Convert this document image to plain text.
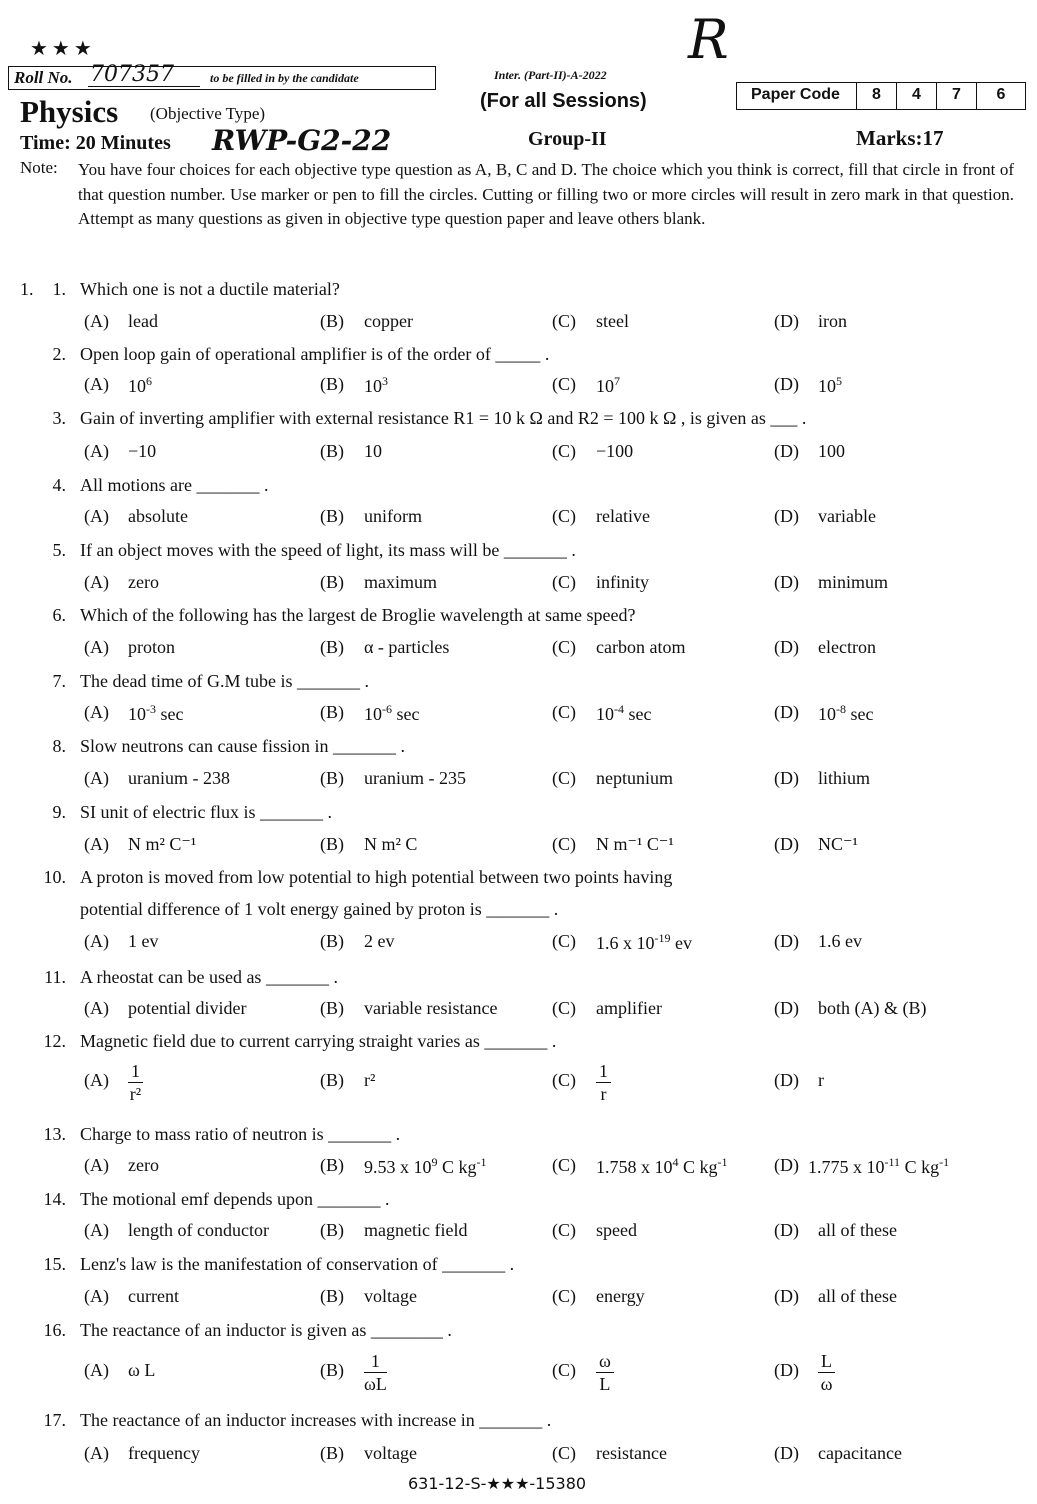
★★★	R
Roll No. 707357	to be filled in by the candidate	Inter. (Part-II)-A-2022
(For all Sessions)	Paper Code	8	4	7	6
Physics (Objective Type)
Time: 20 Minutes RWP-G2-22	Group-II	Marks:17
Note: You have four choices for each objective type question as A, B, C and D. The choice which you think is correct, fill that circle in front of that question number. Use marker or pen to fill the circles. Cutting or filling two or more circles will result in zero mark in that question. Attempt as many questions as given in objective type question paper and leave others blank.
1.	1. Which one is not a ductile material?
(A) lead	(B) copper	(C) steel	(D) iron
2. Open loop gain of operational amplifier is of the order of _____ .
(A) $10^6$	(B) $10^3$	(C) $10^7$	(D) $10^5$
3. Gain of inverting amplifier with external resistance R1 = 10 k Ω and R2 = 100 k Ω , is given as ___ .
(A) −10	(B) 10	(C) −100	(D) 100
4. All motions are _______ .
(A) absolute	(B) uniform	(C) relative	(D) variable
5. If an object moves with the speed of light, its mass will be _______ .
(A) zero	(B) maximum	(C) infinity	(D) minimum
6. Which of the following has the largest de Broglie wavelength at same speed?
(A) proton	(B) α - particles	(C) carbon atom	(D) electron
7. The dead time of G.M tube is _______ .
(A) $10^{-3}$ sec	(B) $10^{-6}$ sec	(C) $10^{-4}$ sec	(D) $10^{-8}$ sec
8. Slow neutrons can cause fission in _______ .
(A) uranium - 238	(B) uranium - 235	(C) neptunium	(D) lithium
9. SI unit of electric flux is _______ .
(A) N m² C⁻¹	(B) N m² C	(C) N m⁻¹ C⁻¹	(D) NC⁻¹
10. A proton is moved from low potential to high potential between two points having
potential difference of 1 volt energy gained by proton is _______ .
(A) 1 ev	(B) 2 ev	(C) 1.6 x $10^{-19}$ ev	(D) 1.6 ev
11. A rheostat can be used as _______ .
(A) potential divider	(B) variable resistance	(C) amplifier	(D) both (A) & (B)
12. Magnetic field due to current carrying straight varies as _______ .
$(A) \frac{1}{\text{r²}}$	(B) r²	$(C) \frac{1}{r}$	(D) r
13. Charge to mass ratio of neutron is _______ .
(A) zero	(B) 9.53 x $10^9$ C $kg^{-1}$	(C) 1.758 x $10^4$ C $kg^{-1}$	(D) 1.775 x $10^{-11}$ C $kg^{-1}$
14. The motional emf depends upon _______ .
(A) length of conductor	(B) magnetic field	(C) speed	(D) all of these
15. Lenz's law is the manifestation of conservation of _______ .
(A) current	(B) voltage	(C) energy	(D) all of these
16. The reactance of an inductor is given as ________ .
(A) ω L	$(B) \frac{1}{\omega L}$	$(C) \frac{\omega}{L}$	$(D) \frac{L}{\omega}$
17. The reactance of an inductor increases with increase in _______ .
(A) frequency	(B) voltage	(C) resistance	(D) capacitance
631-12-S-★★★-15380
